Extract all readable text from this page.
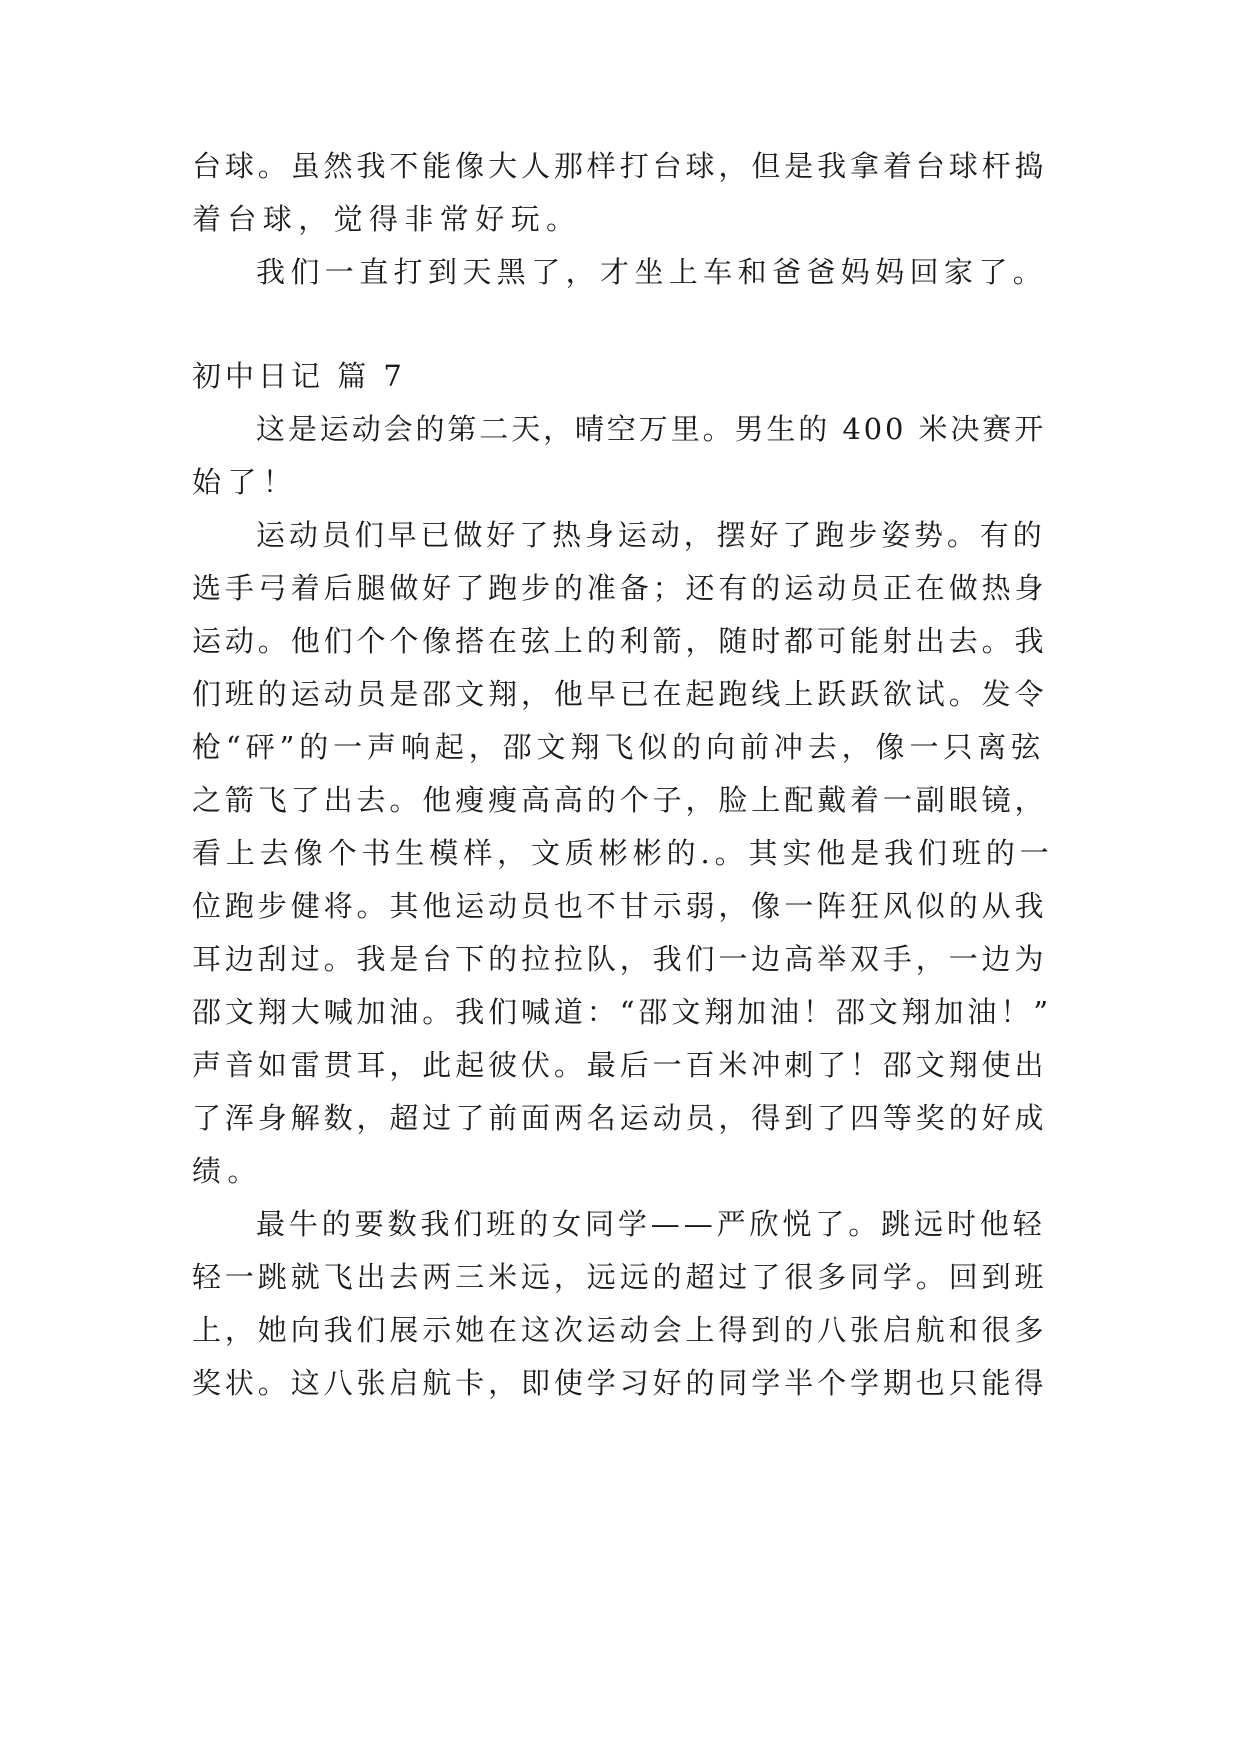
台球。虽然我不能像大人那样打台球，但是我拿着台球杆捣
着台球，觉得非常好玩。
我们一直打到天黑了，才坐上车和爸爸妈妈回家了。
初中日记 篇 7
这是运动会的第二天，晴空万里。男生的 400 米决赛开
始了！
运动员们早已做好了热身运动，摆好了跑步姿势。有的
选手弓着后腿做好了跑步的准备；还有的运动员正在做热身
运动。他们个个像搭在弦上的利箭，随时都可能射出去。我
们班的运动员是邵文翔，他早已在起跑线上跃跃欲试。发令
枪“砰”的一声响起，邵文翔飞似的向前冲去，像一只离弦
之箭飞了出去。他瘦瘦高高的个子，脸上配戴着一副眼镜，
看上去像个书生模样，文质彬彬的.。其实他是我们班的一
位跑步健将。其他运动员也不甘示弱，像一阵狂风似的从我
耳边刮过。我是台下的拉拉队，我们一边高举双手，一边为
邵文翔大喊加油。我们喊道：“邵文翔加油！邵文翔加油！”
声音如雷贯耳，此起彼伏。最后一百米冲刺了！邵文翔使出
了浑身解数，超过了前面两名运动员，得到了四等奖的好成
绩。
最牛的要数我们班的女同学——严欣悦了。跳远时他轻
轻一跳就飞出去两三米远，远远的超过了很多同学。回到班
上，她向我们展示她在这次运动会上得到的八张启航和很多
奖状。这八张启航卡，即使学习好的同学半个学期也只能得
